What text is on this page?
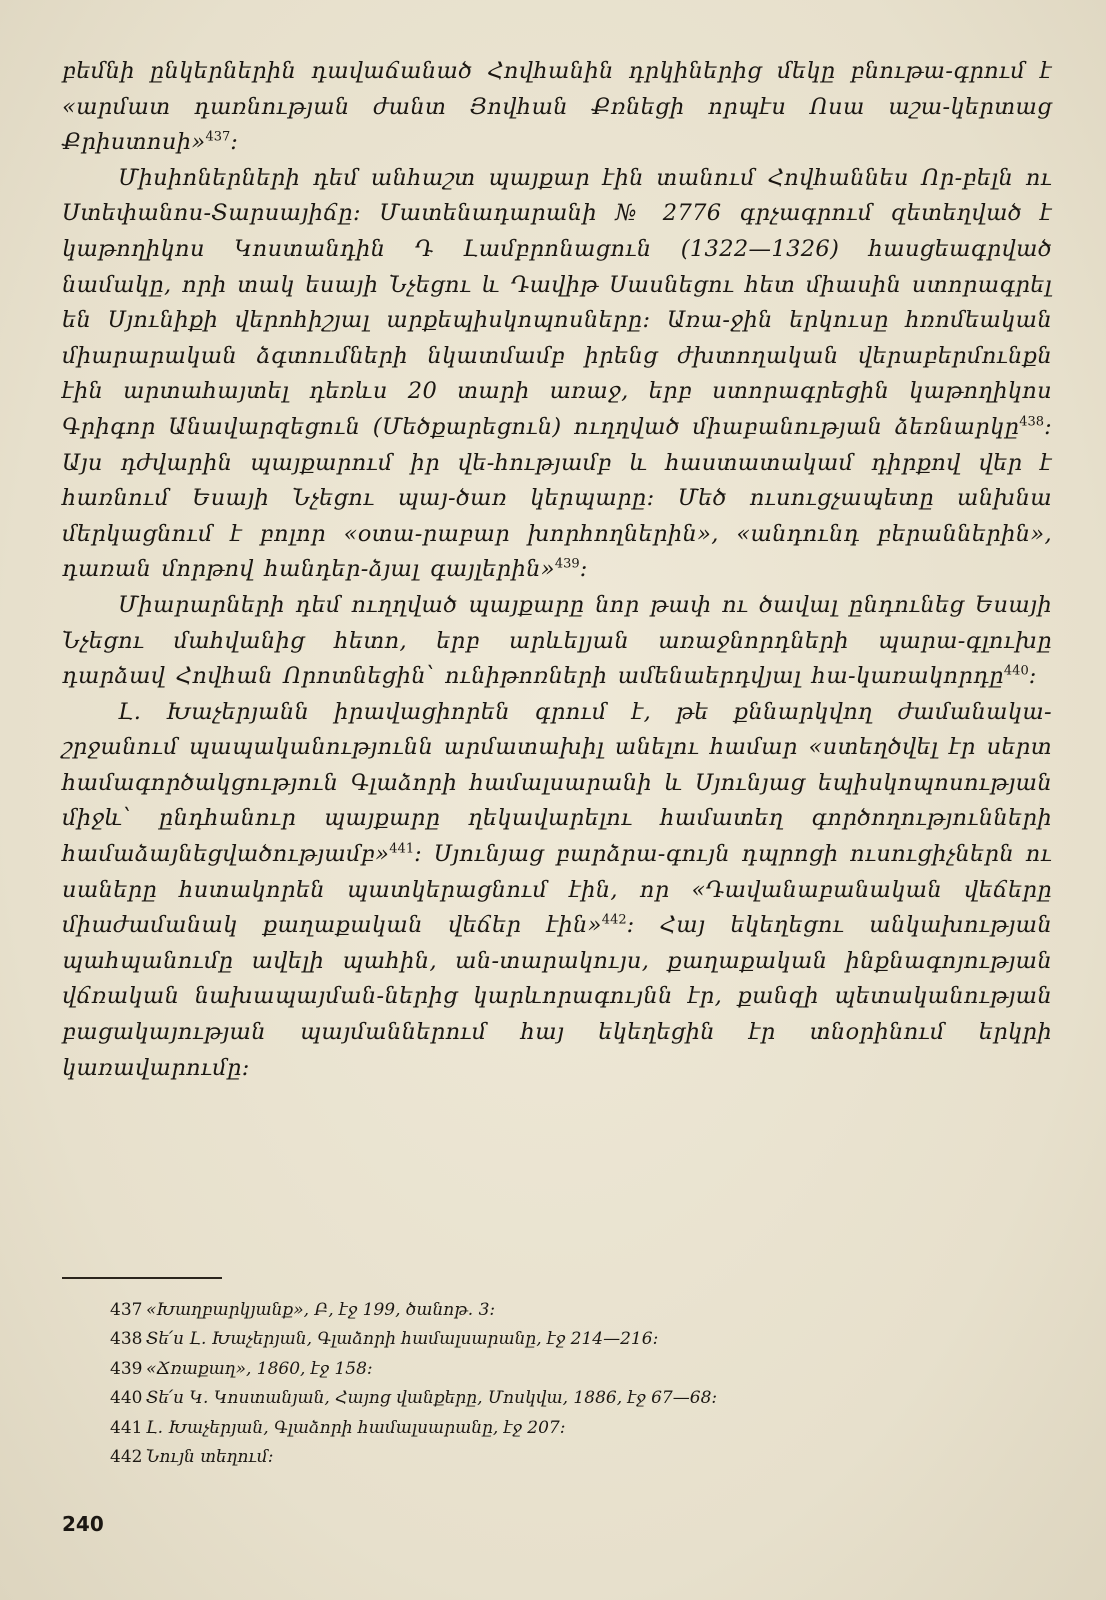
բեմնի ընկերներին դավաճանած Հովհանին դրկիներից մեկը բնութա-գրում է «արմատ դառնության ժանտ Յովհան Քռնեցի որպէս Ոսա աշա-կերտաց Քրիստոսի»$^{437}$:

Միսիոներների դեմ անհաշտ պայքար էին տանում Հովհաննես Որ-բելն ու Ստեփանոս-Տարսայիճը: Մատենադարանի № 2776 գրչագրում զետեղված է կաթողիկոս Կոստանդին Դ Լամբրոնացուն (1322—1326) հասցեագրված նամակը, որի տակ եսայի Նչեցու և Դավիթ Սասնեցու հետ միասին ստորագրել են Սյունիքի վերոհիշյալ արքեպիսկոպոսները: Առա-ջին երկուսը հռոմեական միարարական ձգտումների նկատմամբ իրենց ժխտողական վերաբերմունքն էին արտահայտել դեռևս 20 տարի առաջ, երբ ստորագրեցին կաթողիկոս Գրիգոր Անավարզեցուն (Մեծքարեցուն) ուղղված միաբանության ձեռնարկը$^{438}$: Այս դժվարին պայքարում իր վե-հությամբ և հաստատակամ դիրքով վեր է հառնում Եսայի Նչեցու պայ-ծառ կերպարը: Մեծ ուսուցչապետը անխնա մերկացնում է բոլոր «օտա-րաբար խորհողներին», «անդունդ բերաններին», դառան մորթով հանդեր-ձյալ գայլերին»$^{439}$:

Միարարների դեմ ուղղված պայքարը նոր թափ ու ծավալ ընդունեց Եսայի Նչեցու մահվանից հետո, երբ արևելյան առաջնորդների պարա-գլուխը դարձավ Հովհան Որոտնեցին՝ ունիթոռների ամենաերդվյալ հա-կառակորդը$^{440}$:

Լ. Խաչերյանն իրավացիորեն գրում է, թե քննարկվող ժամանակա-շրջանում պապականությունն արմատախիլ անելու համար «ստեղծվել էր սերտ համագործակցություն Գլաձորի համալսարանի և Սյունյաց եպիսկոպոսության միջև՝ ընդհանուր պայքարը ղեկավարելու համատեղ գործողությունների համաձայնեցվածությամբ»$^{441}$: Սյունյաց բարձրա-գույն դպրոցի ուսուցիչներն ու սաները հստակորեն պատկերացնում էին, որ «Դավանաբանական վեճերը միաժամանակ քաղաքական վեճեր էին»$^{442}$: Հայ եկեղեցու անկախության պահպանումը ավելի պահին, ան-տարակույս, քաղաքական ինքնագոյության վճռական նախապայման-ներից կարևորագույնն էր, քանզի պետականության բացակայության պայմաններում հայ եկեղեցին էր տնօրինում երկրի կառավարումը:

437 «Խաղբարկյանք», Բ, էջ 199, ծանոթ. 3:
438 Տե՛ս Լ. Խաչերյան, Գլաձորի համալսարանը, էջ 214—216:
439 «Ճռաքաղ», 1860, էջ 158:
440 Տե՛ս Կ. Կոստանյան, Հայոց վանքերը, Մոսկվա, 1886, էջ 67—68:
441 Լ. Խաչերյան, Գլաձորի համալսարանը, էջ 207:
442 Նույն տեղում:
240
